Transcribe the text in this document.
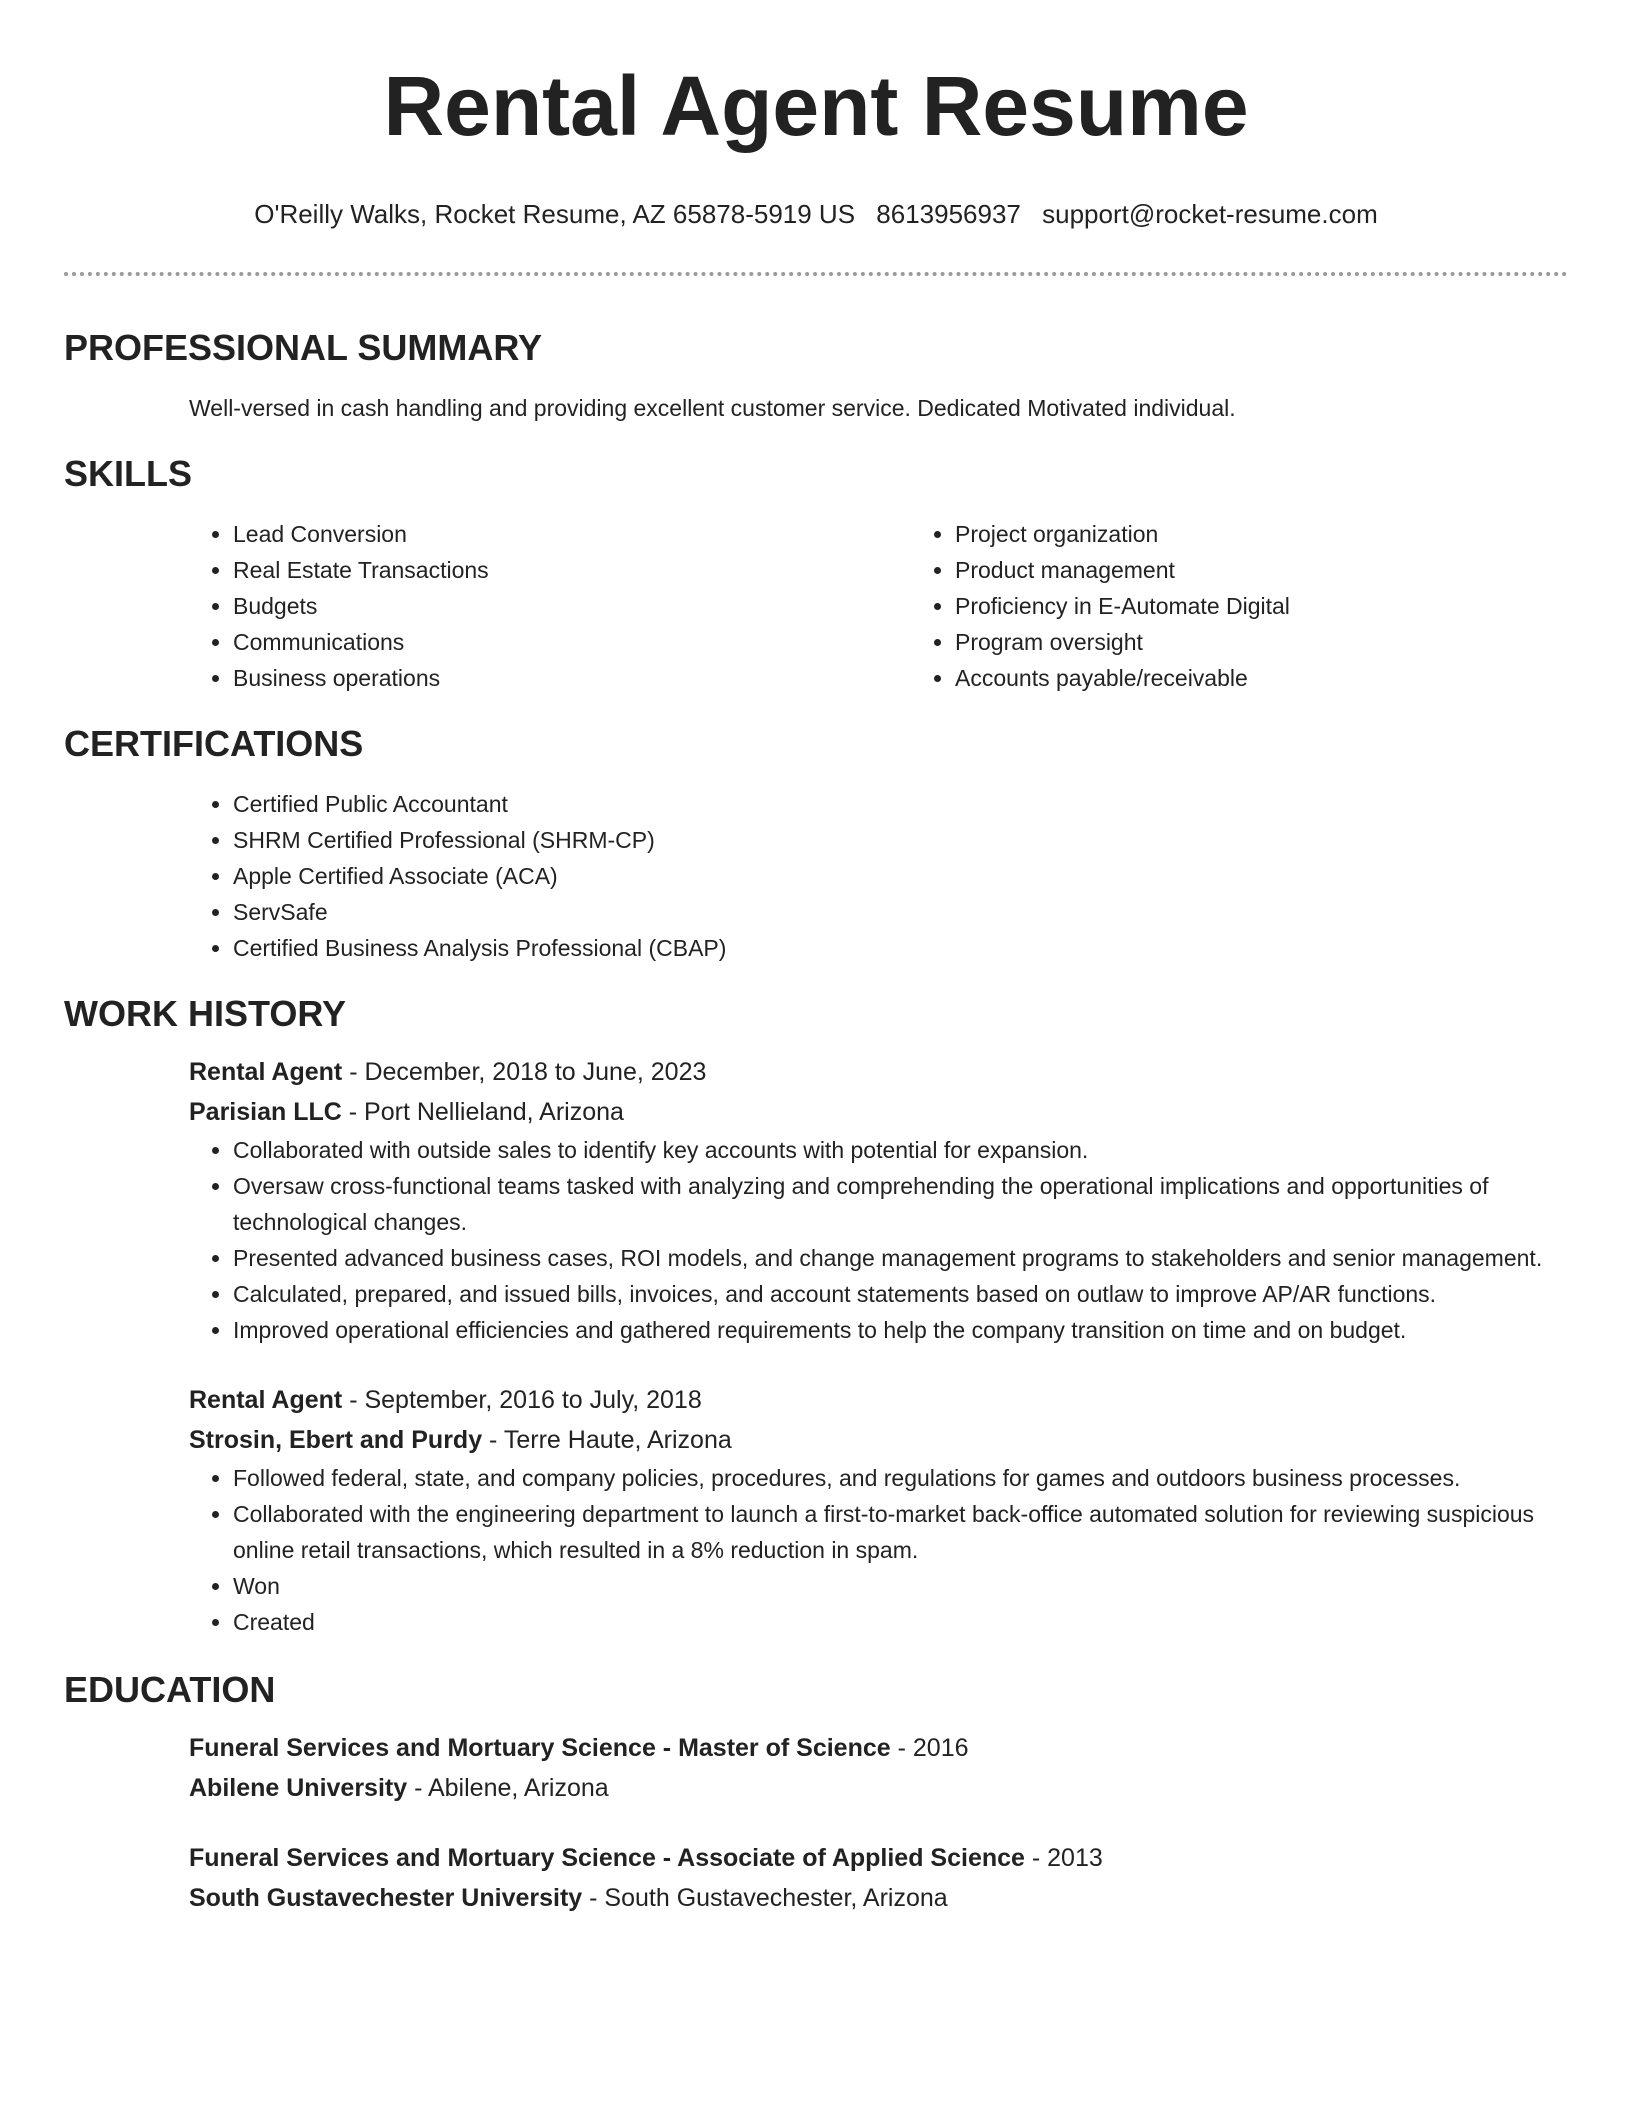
Rental Agent Resume
O'Reilly Walks, Rocket Resume, AZ 65878-5919 US 8613956937 support@rocket-resume.com
PROFESSIONAL SUMMARY
Well-versed in cash handling and providing excellent customer service. Dedicated Motivated individual.
SKILLS
• Lead Conversion
• Real Estate Transactions
• Budgets
• Communications
• Business operations
• Project organization
• Product management
• Proficiency in E-Automate Digital
• Program oversight
• Accounts payable/receivable
CERTIFICATIONS
• Certified Public Accountant
• SHRM Certified Professional (SHRM-CP)
• Apple Certified Associate (ACA)
• ServSafe
• Certified Business Analysis Professional (CBAP)
WORK HISTORY
Rental Agent - December, 2018 to June, 2023
Parisian LLC - Port Nellieland, Arizona
• Collaborated with outside sales to identify key accounts with potential for expansion.
• Oversaw cross-functional teams tasked with analyzing and comprehending the operational implications and opportunities of technological changes.
• Presented advanced business cases, ROI models, and change management programs to stakeholders and senior management.
• Calculated, prepared, and issued bills, invoices, and account statements based on outlaw to improve AP/AR functions.
• Improved operational efficiencies and gathered requirements to help the company transition on time and on budget.
Rental Agent - September, 2016 to July, 2018
Strosin, Ebert and Purdy - Terre Haute, Arizona
• Followed federal, state, and company policies, procedures, and regulations for games and outdoors business processes.
• Collaborated with the engineering department to launch a first-to-market back-office automated solution for reviewing suspicious online retail transactions, which resulted in a 8% reduction in spam.
• Won
• Created
EDUCATION
Funeral Services and Mortuary Science - Master of Science - 2016
Abilene University - Abilene, Arizona
Funeral Services and Mortuary Science - Associate of Applied Science - 2013
South Gustavechester University - South Gustavechester, Arizona
